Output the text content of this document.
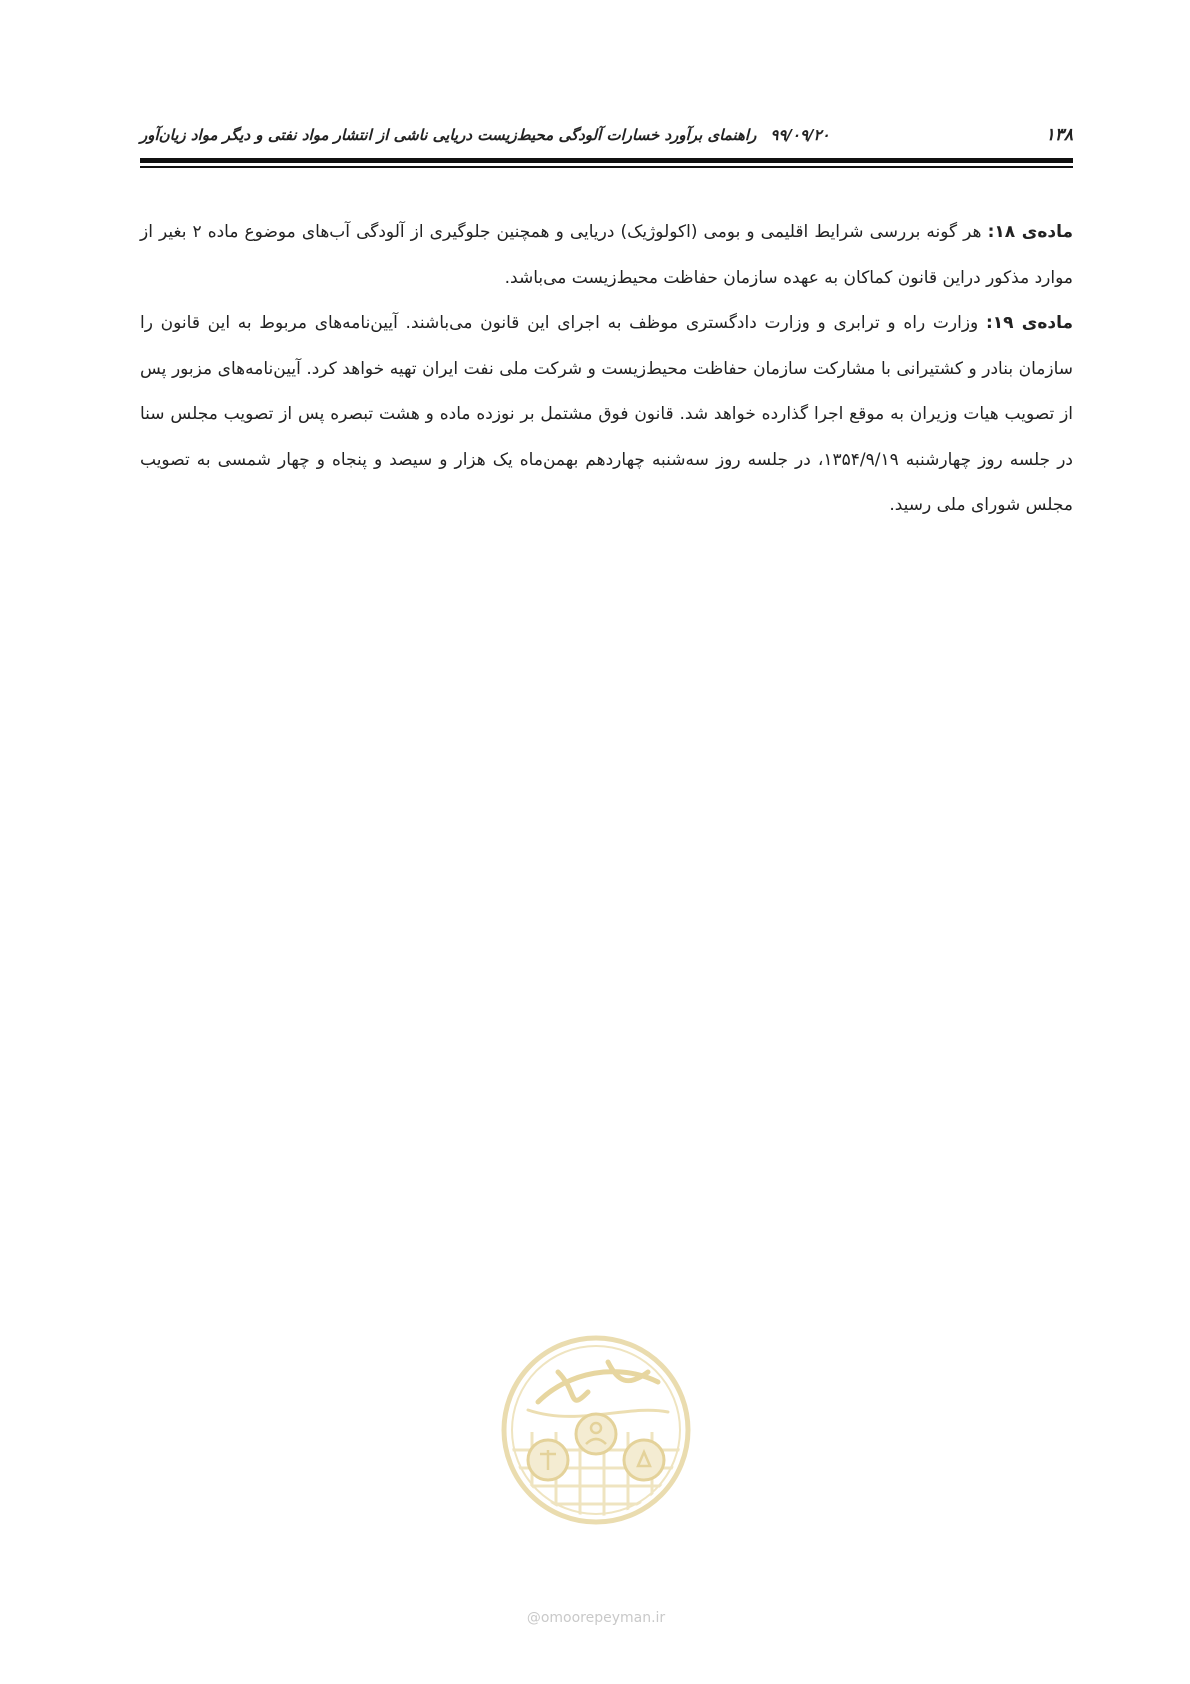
۱۳۸
۹۹/۰۹/۲۰
راهنمای برآورد خسارات آلودگی محیط‌زیست دریایی ناشی از انتشار مواد نفتی و دیگر مواد زیان‌آور

ماده‌ی ۱۸: هر گونه بررسی شرایط اقلیمی و بومی (اکولوژیک) دریایی و همچنین جلوگیری از آلودگی آب‌های موضوع ماده ۲ بغیر از موارد مذکور دراین قانون کماکان به عهده سازمان حفاظت محیط‌زیست می‌باشد.

ماده‌ی ۱۹: وزارت راه و ترابری و وزارت دادگستری موظف به اجرای این قانون می‌باشند. آیین‌نامه‌های مربوط به این قانون را سازمان بنادر و کشتیرانی با مشارکت سازمان حفاظت محیط‌زیست و شرکت ملی نفت ایران تهیه خواهد کرد. آیین‌نامه‌های مزبور پس از تصویب هیات وزیران به موقع اجرا گذارده خواهد شد. قانون فوق مشتمل بر نوزده ماده و هشت تبصره پس از تصویب مجلس سنا در جلسه روز چهارشنبه ۱۳۵۴/۹/۱۹، در جلسه روز سه‌شنبه چهاردهم بهمن‌ماه یک هزار و سیصد و پنجاه و چهار شمسی به تصویب مجلس شورای ملی رسید.

@omoorepeyman.ir
